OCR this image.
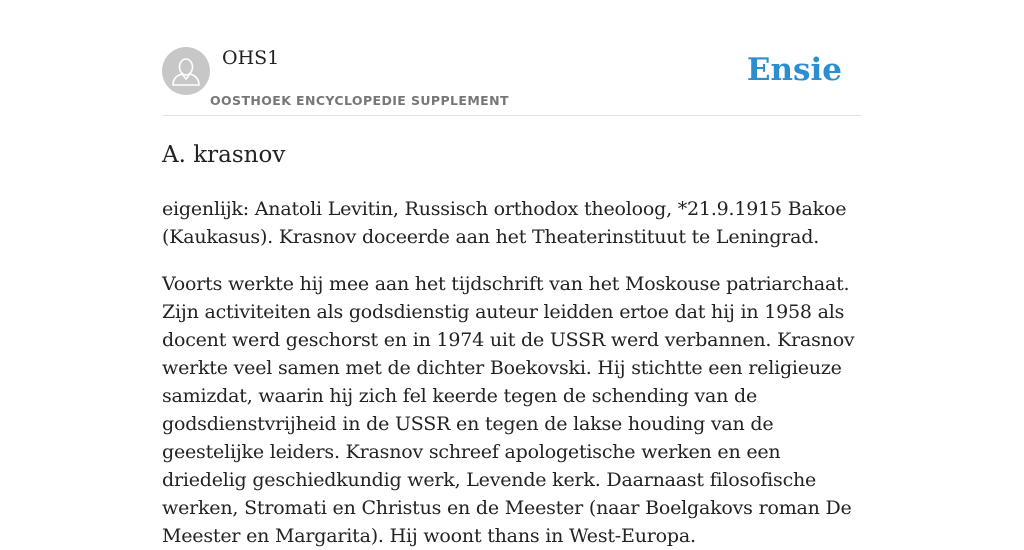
OHS1
OOSTHOEK ENCYCLOPEDIE SUPPLEMENT
Ensie
A. krasnov

eigenlijk: Anatoli Levitin, Russisch orthodox theoloog, *21.9.1915 Bakoe (Kaukasus). Krasnov doceerde aan het Theaterinstituut te Leningrad.

Voorts werkte hij mee aan het tijdschrift van het Moskouse patriarchaat. Zijn activiteiten als godsdienstig auteur leidden ertoe dat hij in 1958 als docent werd geschorst en in 1974 uit de USSR werd verbannen. Krasnov werkte veel samen met de dichter Boekovski. Hij stichtte een religieuze samizdat, waarin hij zich fel keerde tegen de schending van de godsdienstvrijheid in de USSR en tegen de lakse houding van de geestelijke leiders. Krasnov schreef apologetische werken en een driedelig geschiedkundig werk, Levende kerk. Daarnaast filosofische werken, Stromati en Christus en de Meester (naar Boelgakovs roman De Meester en Margarita). Hij woont thans in West-Europa.
